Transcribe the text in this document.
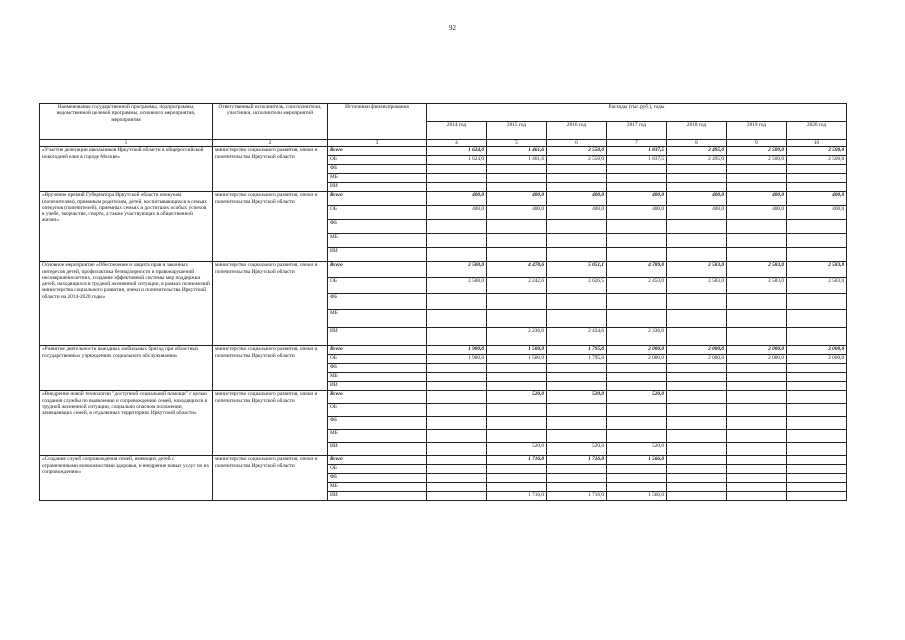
92
Наименование государственной программы, подпрограммы, ведомственной целевой программы, основного мероприятия, мероприятия	Ответственный исполнитель, соисполнители, участники, исполнители мероприятий	Источники финансирования	Расходы (тыс.руб.), годы						
			2014 год	2015 год	2016 год	2017 год	2018 год	2019 год	2020 год
1	2	3	4	5	6	7	8	9	10
«Участие делегации школьников Иркутской области в общероссийской новогодней елке в городе Москве»	министерство социального развития, опеки и попечительства Иркутской области	Всего	1 624,0	1 461,6	2 550,0	1 837,5	2 495,0	2 500,0	2 500,0
		ОБ	1 624,0	1 461,6	2 550,0	1 837,5	2 495,0	2 500,0	2 500,0
		ФБ							
		МБ							
		ИИ							
«Вручение премий Губернатора Иркутской области опекунам (попечителям), приемным родителям, детей, воспитывающихся в семьях опекунов (попечителей), приемных семьях и достигших особых успехов в учебе, творчестве, спорте, а также участвующих в общественной жизни»	министерство социального развития, опеки и попечительства Иркутской области	Всего	400,0	400,0	400,0	400,0	400,0	400,0	400,0
		ОБ	400,0	400,0	400,0	400,0	400,0	400,0	400,0
		ФБ							
		МБ							
		ИИ							
Основное мероприятие «Обеспечение и защита прав и законных интересов детей, профилактика безнадзорности и правонарушений несовершеннолетних, создание эффективной системы мер поддержки детей, находящихся в трудной жизненной ситуации, в рамках полномочий министерства социального развития, опеки и попечительства Иркутской области на 2014-2020 годы»	министерство социального развития, опеки и попечительства Иркутской области	Всего	2 500,0	4 478,6	5 051,1	4 789,0	2 583,0	2 583,0	2 583,0
		ОБ	2 500,0	2 242,6	2 626,5	2 453,0	2 583,0	2 583,0	2 583,0
		ФБ							
		МБ							
		ИИ		2 236,0	2 424,6	2 336,0			
«Развитие деятельности выездных мобильных бригад при областных государственных учреждениях социального обслуживания»	министерство социального развития, опеки и попечительства Иркутской области	Всего	1 900,0	1 500,9	1 795,0	2 000,0	2 000,0	2 000,0	2 000,0
		ОБ	1 900,0	1 500,9	1 795,0	2 000,0	2 000,0	2 000,0	2 000,0
		ФБ							
		МБ							
		ИИ							
«Внедрение новой технологии "доступной социальной помощи" с целью создания службы по выявлению и сопровождению семей, находящихся в трудной жизненной ситуации, социально опасном положении, замещающих семей, в отдаленных территориях Иркутской области»	министерство социального развития, опеки и попечительства Иркутской области	Всего		520,0	520,0	520,0			
		ОБ							
		ФБ							
		МБ							
		ИИ		520,0	520,0	520,0			
«Создание служб сопровождения семей, имеющих детей с ограниченными возможностями здоровья, и внедрение новых услуг по их сопровождению»	министерство социального развития, опеки и попечительства Иркутской области	Всего		1 716,0	1 716,0	1 566,0			
		ОБ							
		ФБ							
		МБ							
		ИИ		1 716,0	1 716,0	1 566,0			
